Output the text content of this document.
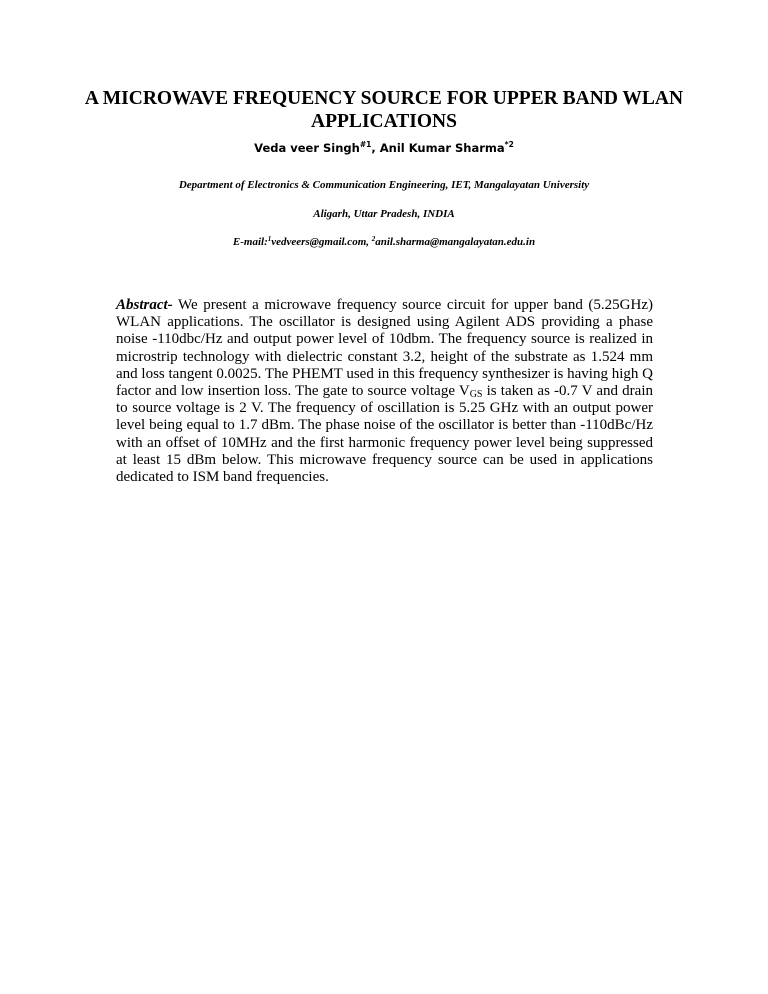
A MICROWAVE FREQUENCY SOURCE FOR UPPER BAND WLAN APPLICATIONS
Veda veer Singh$^{\#1}$, Anil Kumar Sharma$^{*2}$
Department of Electronics & Communication Engineering, IET, Mangalayatan University
Aligarh, Uttar Pradesh, INDIA
E-mail:$^1$vedveers@gmail.com, $^2$anil.sharma@mangalayatan.edu.in

Abstract- We present a microwave frequency source circuit for upper band (5.25GHz) WLAN applications. The oscillator is designed using Agilent ADS providing a phase noise -110dbc/Hz and output power level of 10dbm. The frequency source is realized in microstrip technology with dielectric constant 3.2, height of the substrate as 1.524 mm and loss tangent 0.0025. The PHEMT used in this frequency synthesizer is having high Q factor and low insertion loss. The gate to source voltage $V_{GS}$ is taken as -0.7 V and drain to source voltage is 2 V. The frequency of oscillation is 5.25 GHz with an output power level being equal to 1.7 dBm. The phase noise of the oscillator is better than -110dBc/Hz with an offset of 10MHz and the first harmonic frequency power level being suppressed at least 15 dBm below. This microwave frequency source can be used in applications dedicated to ISM band frequencies.
